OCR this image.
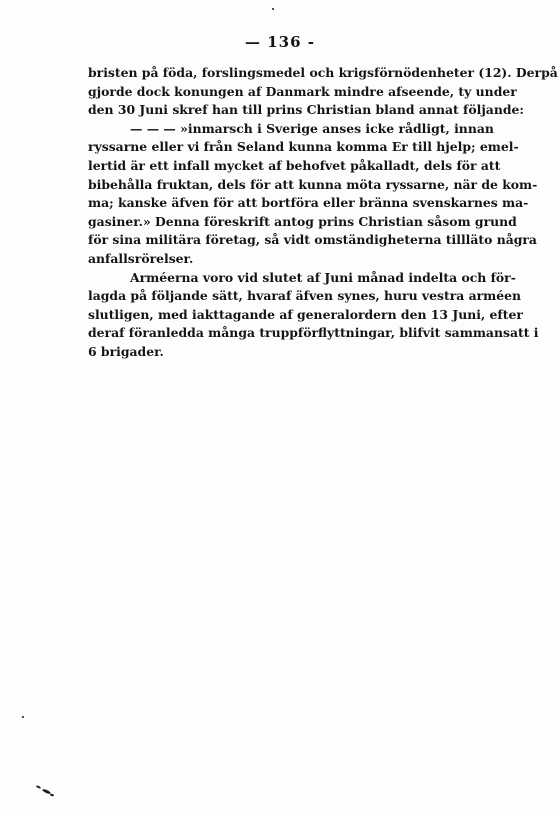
— 136 -
bristen på föda, forslingsmedel och krigsförnödenheter (12). Derpå
gjorde dock konungen af Danmark mindre afseende, ty under
den 30 Juni skref han till prins Christian bland annat följande:
— — — »inmarsch i Sverige anses icke rådligt, innan
ryssarne eller vi från Seland kunna komma Er till hjelp; emel-
lertid är ett infall mycket af behofvet påkalladt, dels för att
bibehålla fruktan, dels för att kunna möta ryssarne, när de kom-
ma; kanske äfven för att bortföra eller bränna svenskarnes ma-
gasiner.» Denna föreskrift antog prins Christian såsom grund
för sina militära företag, så vidt omständigheterna tillläto några
anfallsrörelser.
Arméerna voro vid slutet af Juni månad indelta och för-
lagda på följande sätt, hvaraf äfven synes, huru vestra arméen
slutligen, med iakttagande af generalordern den 13 Juni, efter
deraf föranledda många truppförflyttningar, blifvit sammansatt i
6 brigader.
